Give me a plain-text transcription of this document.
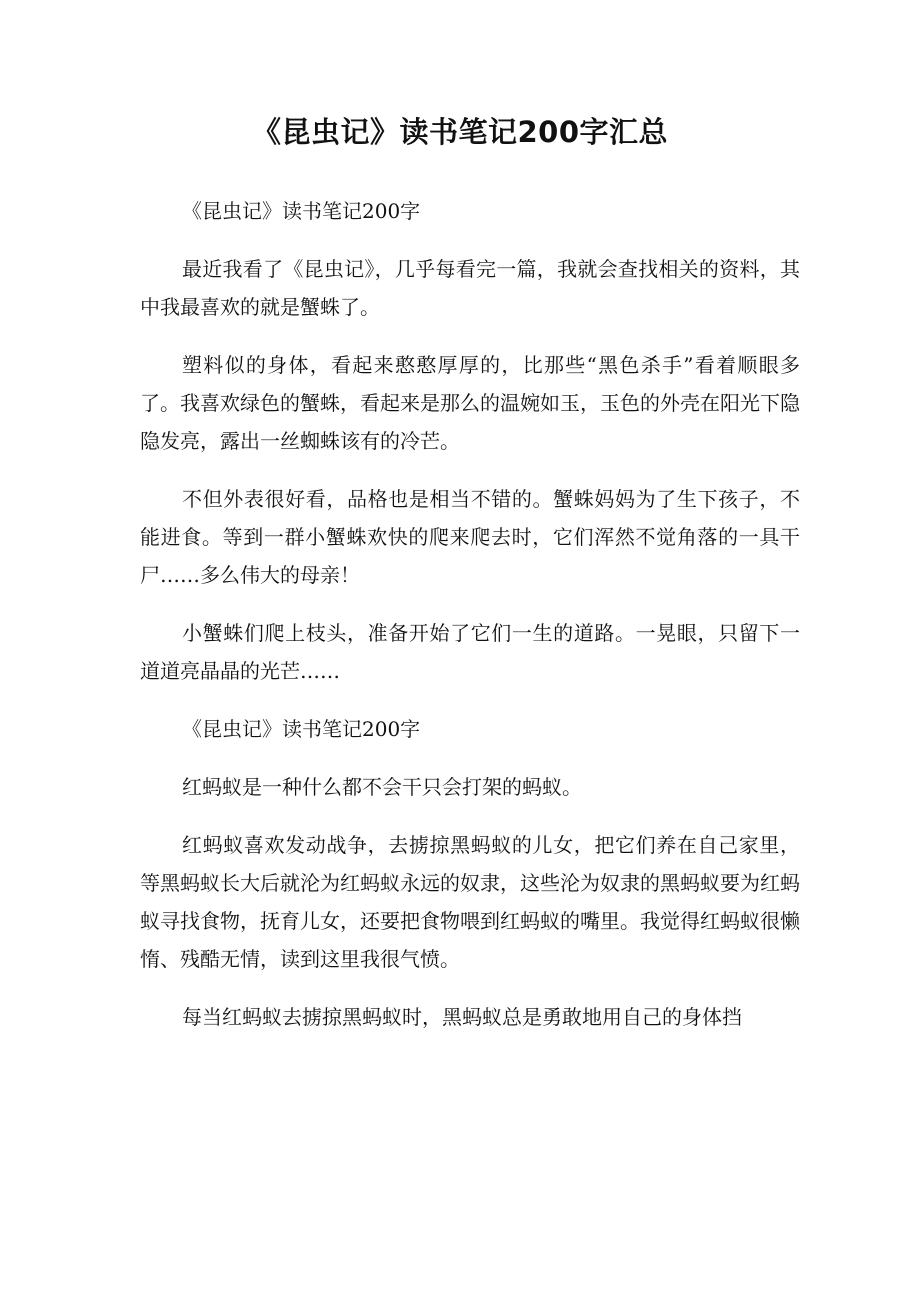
《昆虫记》读书笔记200字汇总

《昆虫记》读书笔记200字

最近我看了《昆虫记》，几乎每看完一篇，我就会查找相关的资料，其中我最喜欢的就是蟹蛛了。

塑料似的身体，看起来憨憨厚厚的，比那些“黑色杀手”看着顺眼多了。我喜欢绿色的蟹蛛，看起来是那么的温婉如玉，玉色的外壳在阳光下隐隐发亮，露出一丝蜘蛛该有的冷芒。

不但外表很好看，品格也是相当不错的。蟹蛛妈妈为了生下孩子，不能进食。等到一群小蟹蛛欢快的爬来爬去时，它们浑然不觉角落的一具干尸……多么伟大的母亲！

小蟹蛛们爬上枝头，准备开始了它们一生的道路。一晃眼，只留下一道道亮晶晶的光芒……

《昆虫记》读书笔记200字

红蚂蚁是一种什么都不会干只会打架的蚂蚁。

红蚂蚁喜欢发动战争，去掳掠黑蚂蚁的儿女，把它们养在自己家里，等黑蚂蚁长大后就沦为红蚂蚁永远的奴隶，这些沦为奴隶的黑蚂蚁要为红蚂蚁寻找食物，抚育儿女，还要把食物喂到红蚂蚁的嘴里。我觉得红蚂蚁很懒惰、残酷无情，读到这里我很气愤。

每当红蚂蚁去掳掠黑蚂蚁时，黑蚂蚁总是勇敢地用自己的身体挡
